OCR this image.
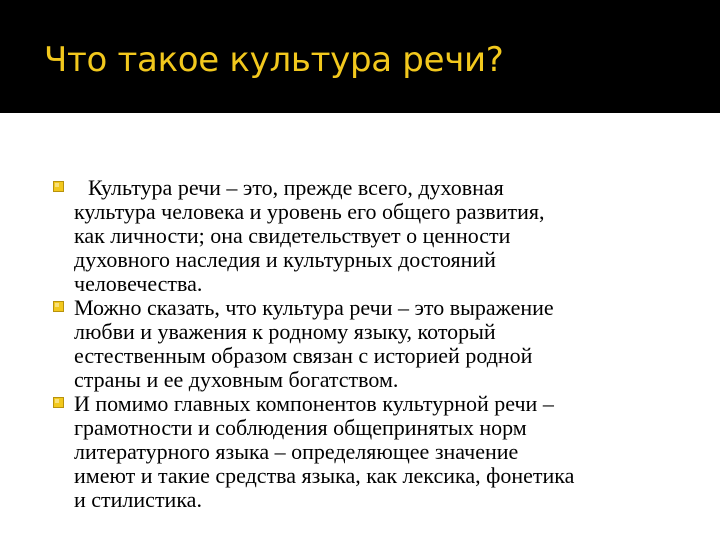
Что такое культура речи?
Культура речи – это, прежде всего, духовная
культура человека и уровень его общего развития,
как личности; она свидетельствует о ценности
духовного наследия и культурных достояний
человечества.
Можно сказать, что культура речи – это выражение
любви и уважения к родному языку, который
естественным образом связан с историей родной
страны и ее духовным богатством.
И помимо главных компонентов культурной речи –
грамотности и соблюдения общепринятых норм
литературного языка – определяющее значение
имеют и такие средства языка, как лексика, фонетика
и стилистика.
